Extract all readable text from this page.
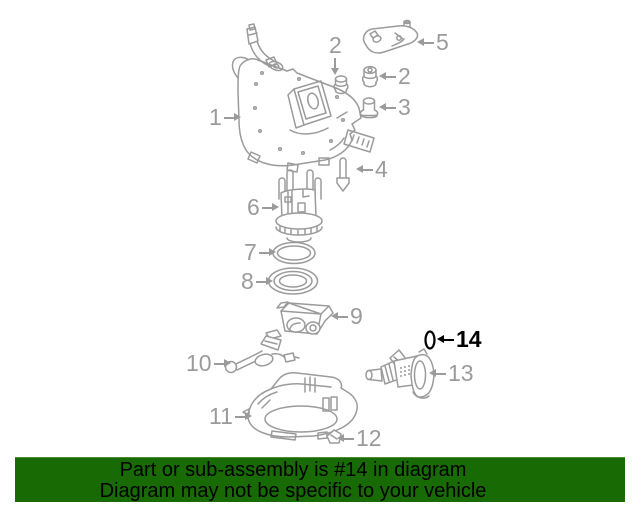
1
2	5
2
3
4
6
7
8
9
10
11
12
13
14
Part or sub-assembly is #14 in diagram
Diagram may not be specific to your vehicle
